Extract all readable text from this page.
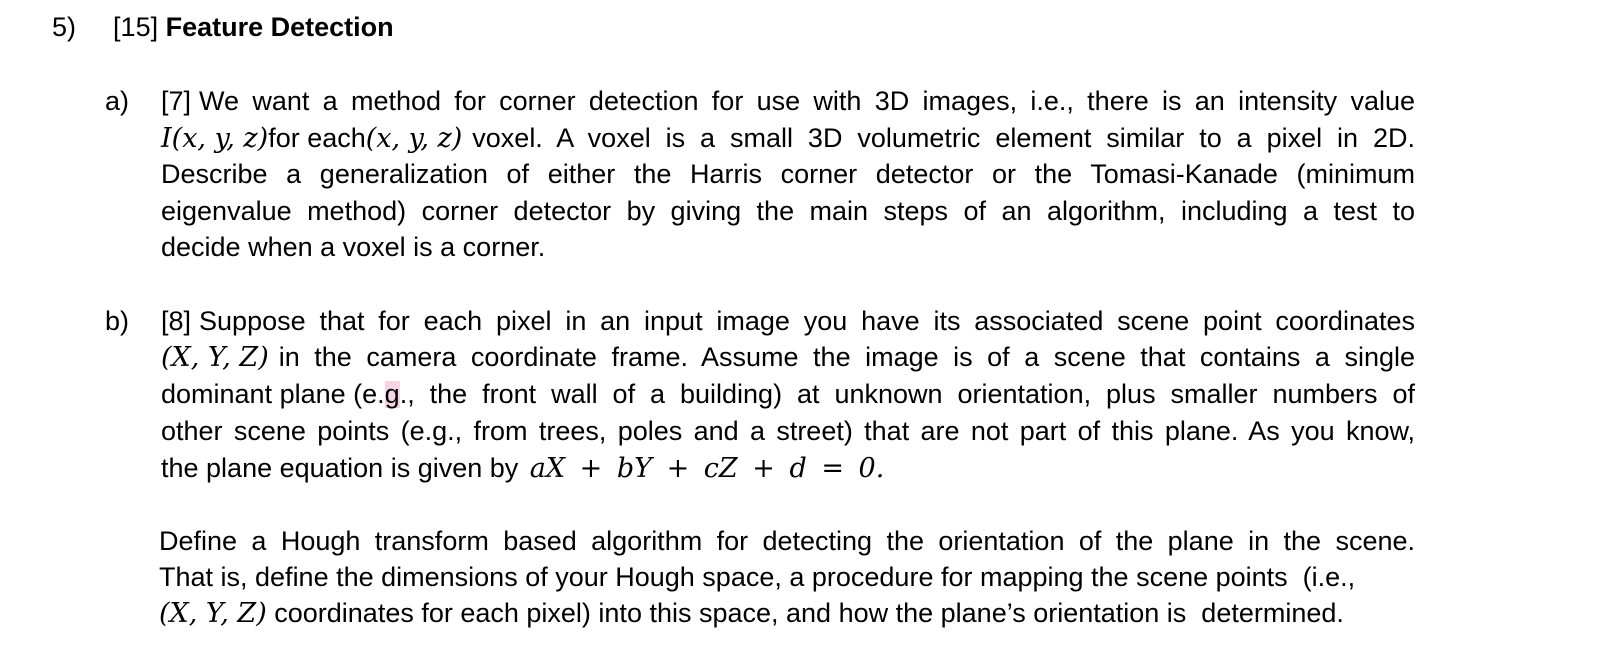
5) [15] Feature Detection
a) [7] We want a method for corner detection for use with 3D images, i.e., there is an intensity value
I(x, y, z) for each (x, y, z) voxel. A voxel is a small 3D volumetric element similar to a pixel in 2D.
Describe a generalization of either the Harris corner detector or the Tomasi-Kanade (minimum
eigenvalue method) corner detector by giving the main steps of an algorithm, including a test to
decide when a voxel is a corner.
b) [8] Suppose that for each pixel in an input image you have its associated scene point coordinates
(X, Y, Z) in the camera coordinate frame. Assume the image is of a scene that contains a single
dominant plane (e. g ., the front wall of a building) at unknown orientation, plus smaller numbers of
other scene points (e.g., from trees, poles and a street) that are not part of this plane. As you know,
the plane equation is given by aX + bY + cZ + d = 0.
Define a Hough transform based algorithm for detecting the orientation of the plane in the scene.
That is, define the dimensions of your Hough space, a procedure for mapping the scene points  (i.e.,
(X, Y, Z) coordinates for each pixel) into this space, and how the plane’s orientation is  determined.
